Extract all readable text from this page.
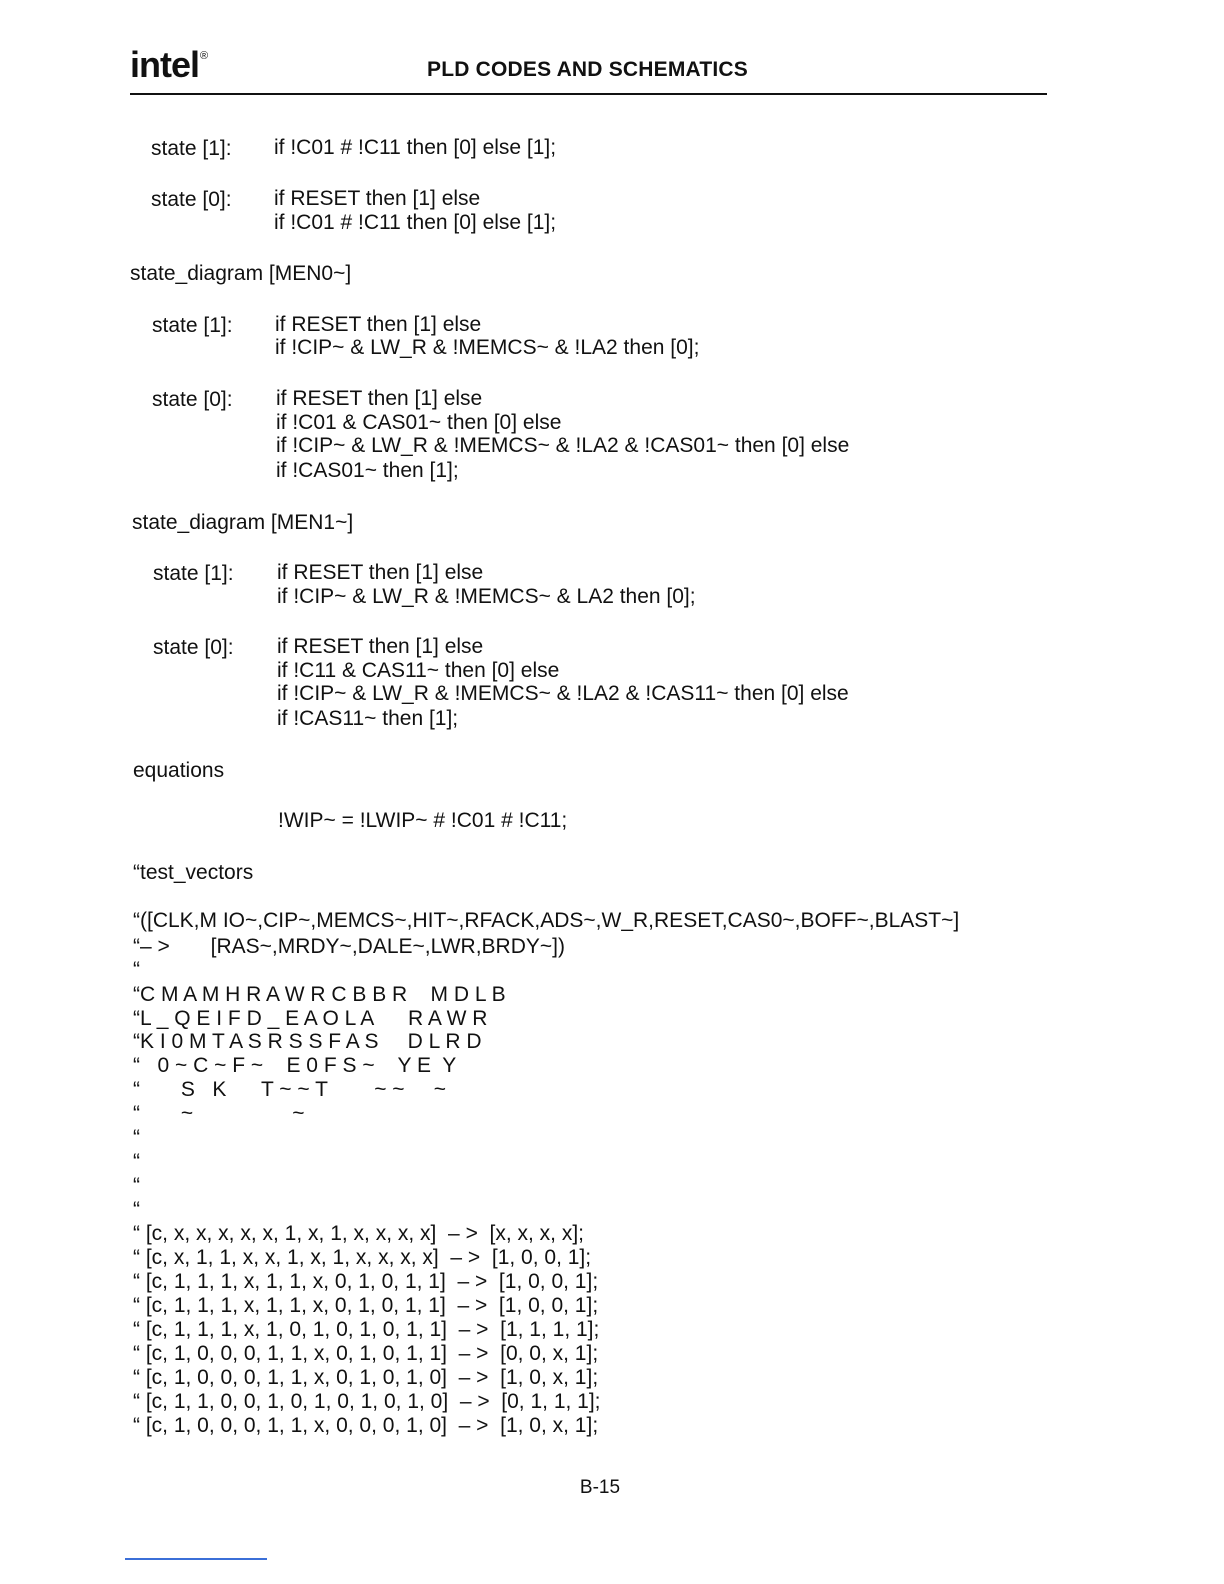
intel®
PLD CODES AND SCHEMATICS
state [1]: if !C01 # !C11 then [0] else [1];
state [0]: if RESET then [1] else
if !C01 # !C11 then [0] else [1];
state_diagram [MEN0~]
state [1]: if RESET then [1] else
if !CIP~ & LW_R & !MEMCS~ & !LA2 then [0];
state [0]: if RESET then [1] else
if !C01 & CAS01~ then [0] else
if !CIP~ & LW_R & !MEMCS~ & !LA2 & !CAS01~ then [0] else
if !CAS01~ then [1];
state_diagram [MEN1~]
state [1]: if RESET then [1] else
if !CIP~ & LW_R & !MEMCS~ & LA2 then [0];
state [0]: if RESET then [1] else
if !C11 & CAS11~ then [0] else
if !CIP~ & LW_R & !MEMCS~ & !LA2 & !CAS11~ then [0] else
if !CAS11~ then [1];
equations
!WIP~ = !LWIP~ # !C01 # !C11;
“test_vectors
“([CLK,M IO~,CIP~,MEMCS~,HIT~,RFACK,ADS~,W_R,RESET,CAS0~,BOFF~,BLAST~]
“– >       [RAS~,MRDY~,DALE~,LWR,BRDY~])
“
“C M A M H R A W R C B B R    M D L B
“L _ Q E I F D _ E A O L A      R A W R
“K I 0 M T A S R S S F A S     D L R D
“   0 ~ C ~ F ~    E 0 F S ~    Y E  Y
“       S   K      T ~ ~ T        ~ ~     ~
“       ~                 ~
“
“
“
“
“ [c, x, x, x, x, x, 1, x, 1, x, x, x, x]  – >  [x, x, x, x];
“ [c, x, 1, 1, x, x, 1, x, 1, x, x, x, x]  – >  [1, 0, 0, 1];
“ [c, 1, 1, 1, x, 1, 1, x, 0, 1, 0, 1, 1]  – >  [1, 0, 0, 1];
“ [c, 1, 1, 1, x, 1, 1, x, 0, 1, 0, 1, 1]  – >  [1, 0, 0, 1];
“ [c, 1, 1, 1, x, 1, 0, 1, 0, 1, 0, 1, 1]  – >  [1, 1, 1, 1];
“ [c, 1, 0, 0, 0, 1, 1, x, 0, 1, 0, 1, 1]  – >  [0, 0, x, 1];
“ [c, 1, 0, 0, 0, 1, 1, x, 0, 1, 0, 1, 0]  – >  [1, 0, x, 1];
“ [c, 1, 1, 0, 0, 1, 0, 1, 0, 1, 0, 1, 0]  – >  [0, 1, 1, 1];
“ [c, 1, 0, 0, 0, 1, 1, x, 0, 0, 0, 1, 0]  – >  [1, 0, x, 1];
B-15
